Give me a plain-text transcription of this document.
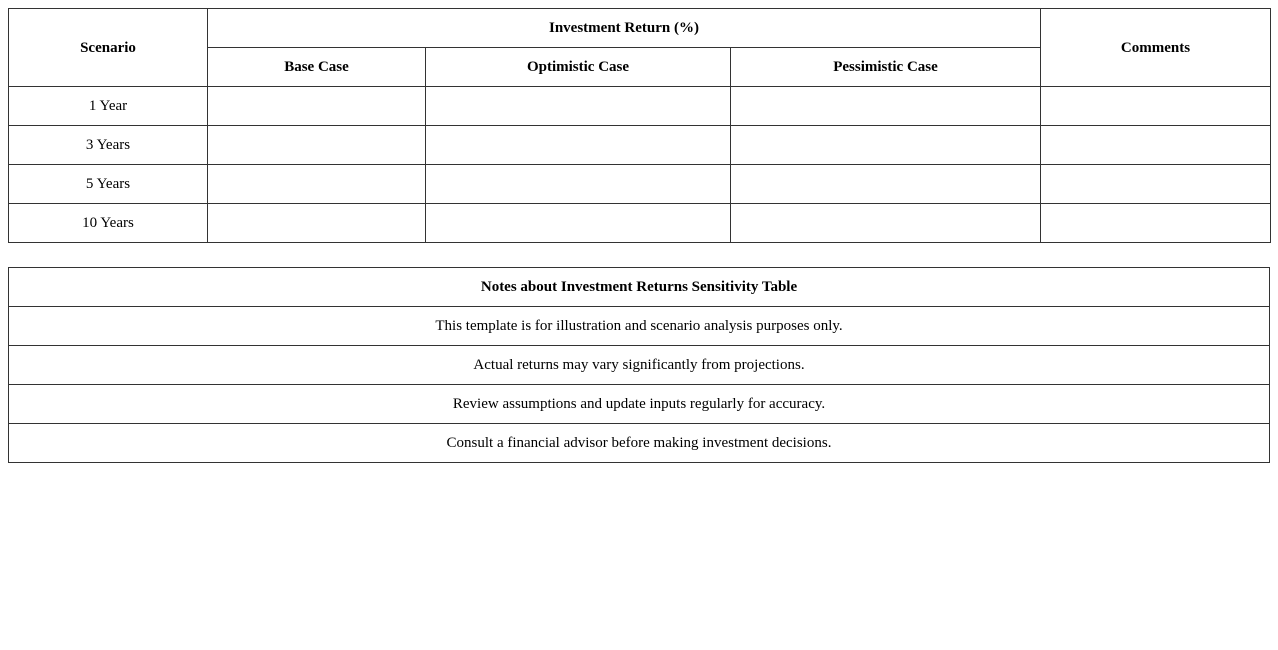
Scenario	Investment Return (%)			Comments
	Base Case	Optimistic Case	Pessimistic Case	
1 Year				
3 Years				
5 Years				
10 Years				
Notes about Investment Returns Sensitivity Table
This template is for illustration and scenario analysis purposes only.
Actual returns may vary significantly from projections.
Review assumptions and update inputs regularly for accuracy.
Consult a financial advisor before making investment decisions.
